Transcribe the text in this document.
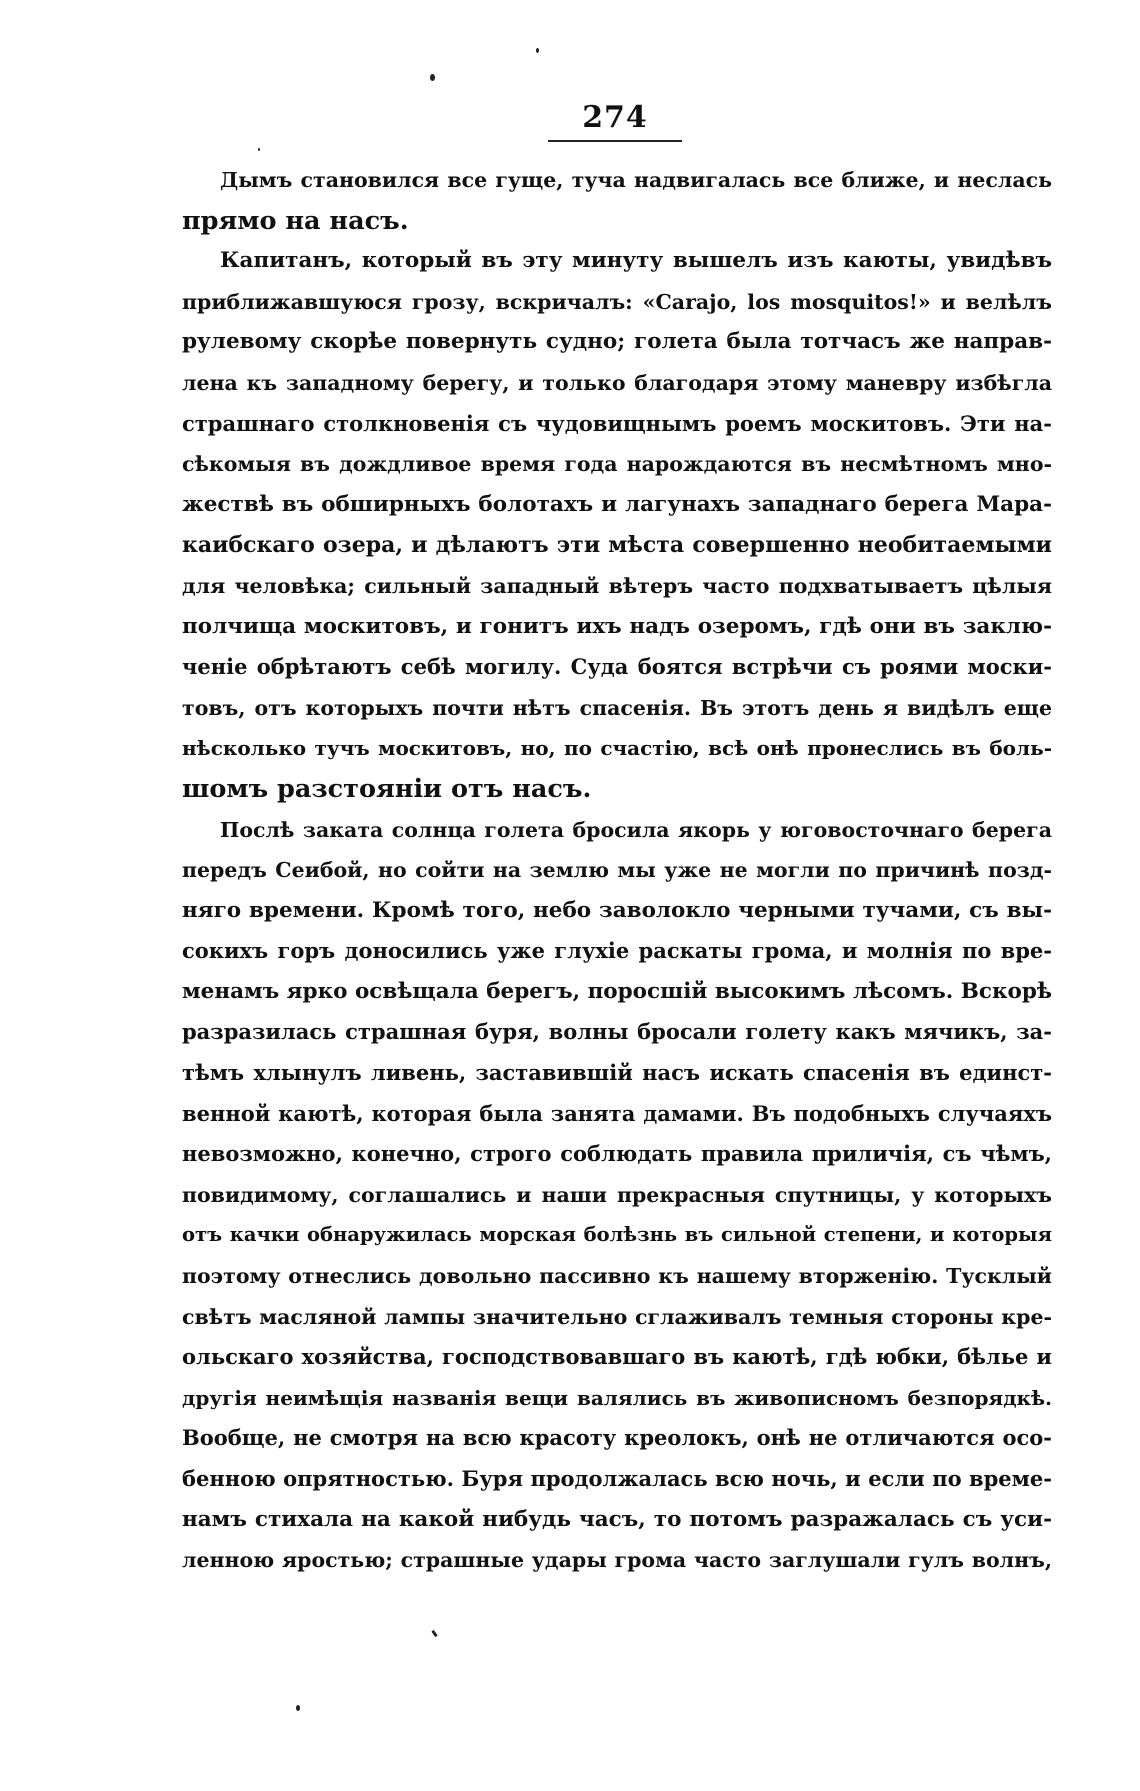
274
Дымъ становился все гуще, туча надвигалась все ближе, и неслась
прямо на насъ.
Капитанъ, который въ эту минуту вышелъ изъ каюты, увидѣвъ
приближавшуюся грозу, вскричалъ: «Carajo, los mosquitos!» и велѣлъ
рулевому скорѣе повернуть судно; голета была тотчасъ же направ-
лена къ западному берегу, и только благодаря этому маневру избѣгла
страшнаго столкновенія съ чудовищнымъ роемъ москитовъ. Эти на-
сѣкомыя въ дождливое время года нарождаются въ несмѣтномъ мно-
жествѣ въ обширныхъ болотахъ и лагунахъ западнаго берега Мара-
каибскаго озера, и дѣлаютъ эти мѣста совершенно необитаемыми
для человѣка; сильный западный вѣтеръ часто подхватываетъ цѣлыя
полчища москитовъ, и гонитъ ихъ надъ озеромъ, гдѣ они въ заклю-
ченіе обрѣтаютъ себѣ могилу. Суда боятся встрѣчи съ роями моски-
товъ, отъ которыхъ почти нѣтъ спасенія. Въ этотъ день я видѣлъ еще
нѣсколько тучъ москитовъ, но, по счастію, всѣ онѣ пронеслись въ боль-
шомъ разстояніи отъ насъ.
Послѣ заката солнца голета бросила якорь у юговосточнаго берега
передъ Сеибой, но сойти на землю мы уже не могли по причинѣ позд-
няго времени. Кромѣ того, небо заволокло черными тучами, съ вы-
сокихъ горъ доносились уже глухіе раскаты грома, и молнія по вре-
менамъ ярко освѣщала берегъ, поросшій высокимъ лѣсомъ. Вскорѣ
разразилась страшная буря, волны бросали голету какъ мячикъ, за-
тѣмъ хлынулъ ливень, заставившій насъ искать спасенія въ единст-
венной каютѣ, которая была занята дамами. Въ подобныхъ случаяхъ
невозможно, конечно, строго соблюдать правила приличія, съ чѣмъ,
повидимому, соглашались и наши прекрасныя спутницы, у которыхъ
отъ качки обнаружилась морская болѣзнь въ сильной степени, и которыя
поэтому отнеслись довольно пассивно къ нашему вторженію. Тусклый
свѣтъ масляной лампы значительно сглаживалъ темныя стороны кре-
ольскаго хозяйства, господствовавшаго въ каютѣ, гдѣ юбки, бѣлье и
другія неимѣщія названія вещи валялись въ живописномъ безпорядкѣ.
Вообще, не смотря на всю красоту креолокъ, онѣ не отличаются осо-
бенною опрятностью. Буря продолжалась всю ночь, и если по време-
намъ стихала на какой нибудь часъ, то потомъ разражалась съ уси-
ленною яростью; страшные удары грома часто заглушали гулъ волнъ,
